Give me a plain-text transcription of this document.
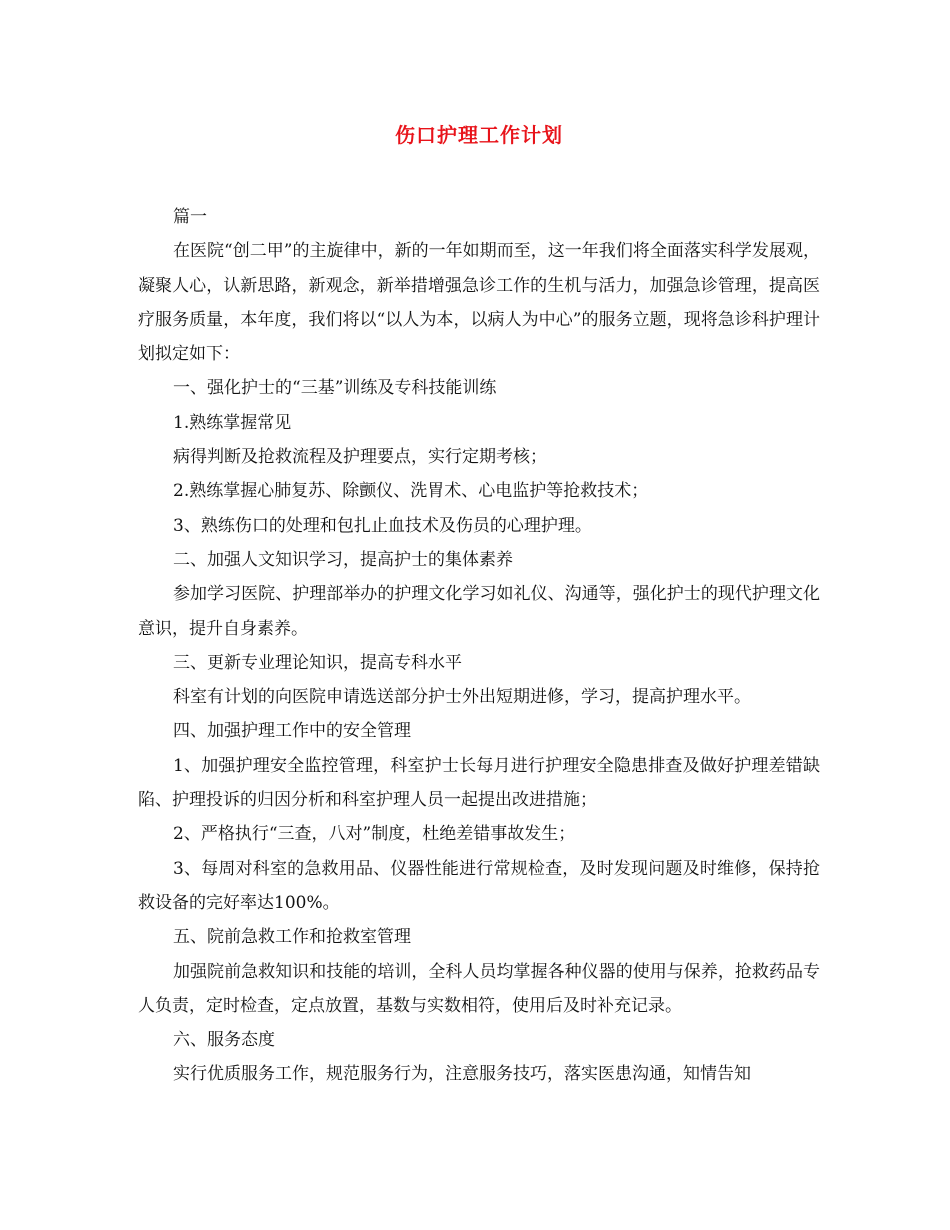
伤口护理工作计划

篇一

在医院“创二甲”的主旋律中，新的一年如期而至，这一年我们将全面落实科学发展观，凝聚人心，认新思路，新观念，新举措增强急诊工作的生机与活力，加强急诊管理，提高医疗服务质量，本年度，我们将以“以人为本，以病人为中心”的服务立题，现将急诊科护理计划拟定如下：

一、强化护士的“三基”训练及专科技能训练

1.熟练掌握常见

病得判断及抢救流程及护理要点，实行定期考核；

2.熟练掌握心肺复苏、除颤仪、洗胃术、心电监护等抢救技术；

3、熟练伤口的处理和包扎止血技术及伤员的心理护理。

二、加强人文知识学习，提高护士的集体素养

参加学习医院、护理部举办的护理文化学习如礼仪、沟通等，强化护士的现代护理文化意识，提升自身素养。

三、更新专业理论知识，提高专科水平

科室有计划的向医院申请选送部分护士外出短期进修，学习，提高护理水平。

四、加强护理工作中的安全管理

1、加强护理安全监控管理，科室护士长每月进行护理安全隐患排查及做好护理差错缺陷、护理投诉的归因分析和科室护理人员一起提出改进措施；

2、严格执行“三查，八对”制度，杜绝差错事故发生；

3、每周对科室的急救用品、仪器性能进行常规检查，及时发现问题及时维修，保持抢救设备的完好率达100%。

五、院前急救工作和抢救室管理

加强院前急救知识和技能的培训，全科人员均掌握各种仪器的使用与保养，抢救药品专人负责，定时检查，定点放置，基数与实数相符，使用后及时补充记录。

六、服务态度

实行优质服务工作，规范服务行为，注意服务技巧，落实医患沟通，知情告知
